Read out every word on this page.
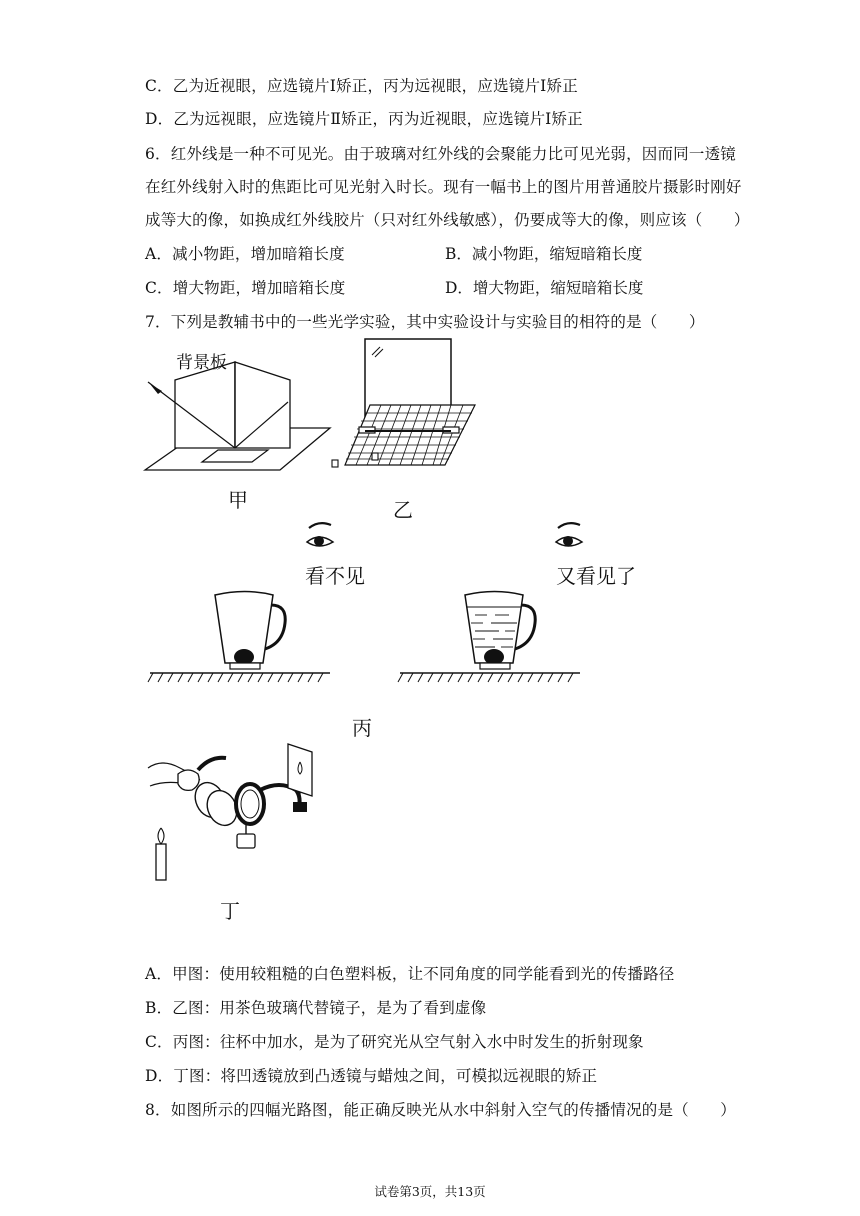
C．乙为近视眼，应选镜片Ⅰ矫正，丙为远视眼，应选镜片Ⅰ矫正
D．乙为远视眼，应选镜片Ⅱ矫正，丙为近视眼，应选镜片Ⅰ矫正
6．红外线是一种不可见光。由于玻璃对红外线的会聚能力比可见光弱，因而同一透镜
在红外线射入时的焦距比可见光射入时长。现有一幅书上的图片用普通胶片摄影时刚好
成等大的像，如换成红外线胶片（只对红外线敏感），仍要成等大的像，则应该（　　）
A．减小物距，增加暗箱长度	B．减小物距，缩短暗箱长度
C．增大物距，增加暗箱长度	D．增大物距，缩短暗箱长度
7．下列是教辅书中的一些光学实验，其中实验设计与实验目的相符的是（　　）
背景板
甲	乙
看不见	又看见了
丙
丁
A．甲图：使用较粗糙的白色塑料板，让不同角度的同学能看到光的传播路径
B．乙图：用茶色玻璃代替镜子，是为了看到虚像
C．丙图：往杯中加水，是为了研究光从空气射入水中时发生的折射现象
D．丁图：将凹透镜放到凸透镜与蜡烛之间，可模拟远视眼的矫正
8．如图所示的四幅光路图，能正确反映光从水中斜射入空气的传播情况的是（　　）
试卷第3页，共13页
